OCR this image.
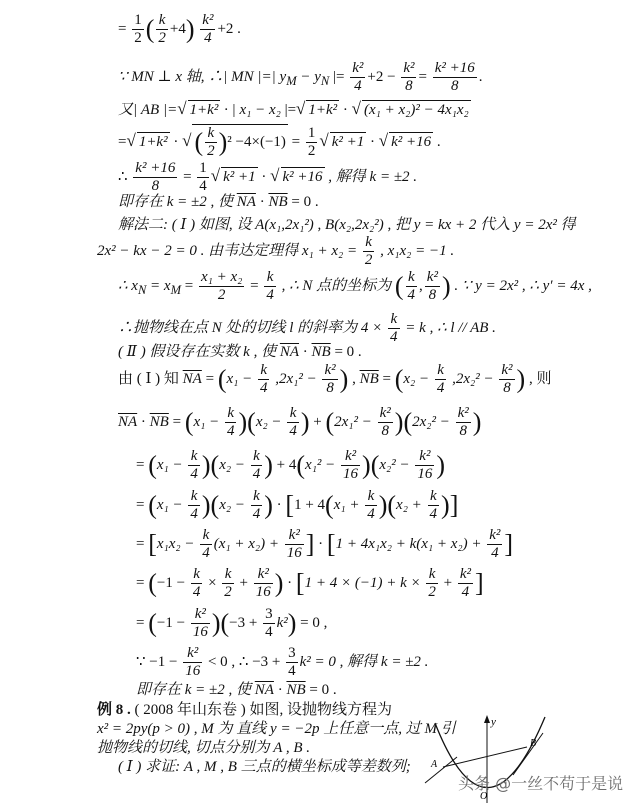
= $\frac{1}{2}$ ( $\frac{k}{2} +4) \frac{\text{k²}}{4} +2$ .
∵ MN ⊥ x 轴, ∴| MN |=| $y_M - y_N$ |= $\frac{\text{k²}}{4} +2 - \frac{\text{k²}}{8} = \frac{\text{k² +16}}{8}$ .
又| AB |=√ 1+k² · | x₁ − x₂ |=√ 1+k² · √ (x₁ + x₂)² − 4x₁x₂
=√ 1+k² · √ ( $\frac{k}{2} )^2 -4\times(-1) = \frac{1}{2}$ √ k² +1 · √ k² +16 .
∴ $\frac{\text{k² +16}}{8} = \frac{1}{4}$ √ k² +1 · √ k² +16 , 解得 k = ±2 .
即存在 k = ±2 , 使 $\overline{NA} \cdot \overline{NB} = 0$ .
解法二: ( Ⅰ ) 如图, 设 A(x₁,2x₁²) , B(x₂,2x₂²) , 把 y = kx + 2 代入 y = 2x² 得
2x² − kx − 2 = 0 . 由韦达定理得 $x_1 + x_2 = \frac{k}{2}$ , x₁x₂ = −1 .
∴ $x_N = x_M = \frac{\text{x₁ + x₂}}{2} = \frac{k}{4}$ , ∴ N 点的坐标为 ( $\frac{k}{4}$ , $\frac{\text{k²}}{8}$ ) . ∵ y = 2x² , ∴ y′ = 4x ,
∴抛物线在点 N 处的切线 l 的斜率为 $4 \times \frac{k}{4} = k$ , ∴ l // AB .
( Ⅱ ) 假设存在实数 k , 使 $\overline{NA} \cdot \overline{NB} = 0$ .
由 ( Ⅰ ) 知 $\overline{NA} = (x_1 - \frac{k}{4} ,2x_1^2 - \frac{\text{k²}}{8}$ ) , $\overline{NB} = (x_2 - \frac{k}{4} ,2x_2^2 - \frac{\text{k²}}{8}$ ) , 则
$\overline{NA} \cdot \overline{NB} = (x_1 - \frac{k}{4} )(x_2 - \frac{k}{4}$ ) + $(2x_1^2 - \frac{\text{k²}}{8} )(2x_2^2 - \frac{\text{k²}}{8}$ )
= $(x_1 - \frac{k}{4} )(x_2 - \frac{k}{4}$ ) + $4(x_1^2 - \frac{\text{k²}}{16} )(x_2^2 - \frac{\text{k²}}{16}$ )
= $(x_1 - \frac{k}{4} )(x_2 - \frac{k}{4}$ ) · [$1 + 4(x_1 + \frac{k}{4} )(x_2 + \frac{k}{4}$ )]
= [$x_1x_2 - \frac{k}{4} (x_1 + x_2) + \frac{\text{k²}}{16}$ ] · [$1 + 4x_1x_2 + k(x_1 + x_2) + \frac{\text{k²}}{4}$ ]
= ($-1 - \frac{k}{4} \times \frac{k}{2} + \frac{\text{k²}}{16}$ ) · [$1 + 4 \times (-1) + k \times \frac{k}{2} + \frac{\text{k²}}{4}$ ]
= $(-1 - \frac{\text{k²}}{16} )(-3 + \frac{3}{4} k^2) = 0$ ,
∵ $-1 - \frac{\text{k²}}{16} < 0$ , ∴ $-3 + \frac{3}{4} k^2 = 0$ , 解得 k = ±2 .
即存在 k = ±2 , 使 $\overline{NA} \cdot \overline{NB} = 0$ .
例 8 . ( 2008 年山东卷 ) 如图, 设抛物线方程为
x² = 2py(p > 0) , M 为 直线 y = −2p 上任意一点, 过 M 引
抛物线的切线, 切点分别为 A , B .
( Ⅰ ) 求证: A , M , B 三点的横坐标成等差数列;
y
A
B
O
头条 @一丝不苟于是说
